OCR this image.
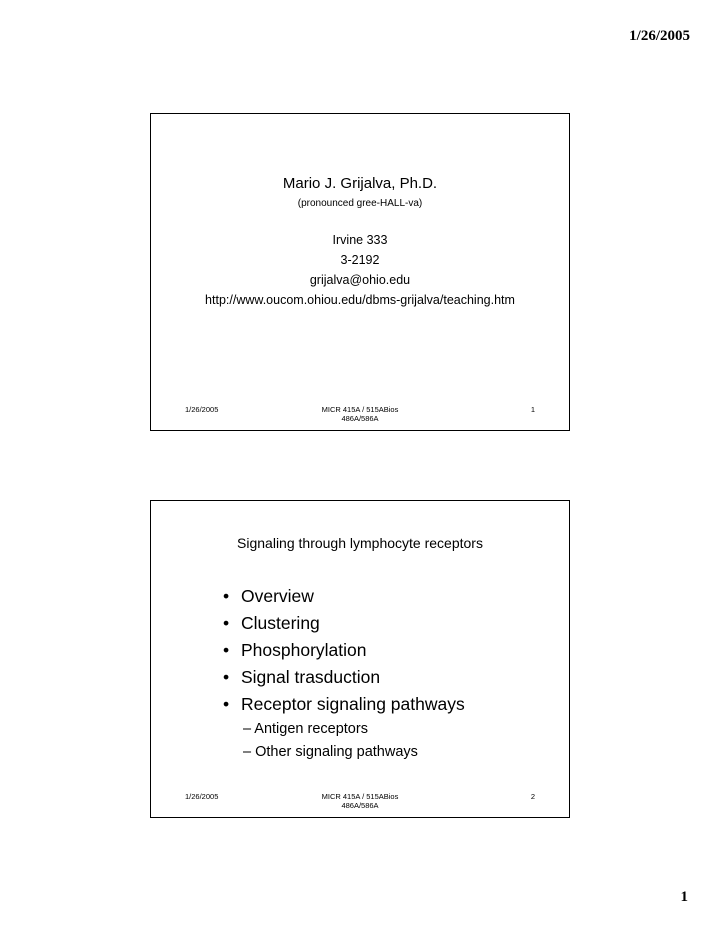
1/26/2005
Mario J. Grijalva, Ph.D.
(pronounced gree-HALL-va)
Irvine 333
3-2192
grijalva@ohio.edu
http://www.oucom.ohiou.edu/dbms-grijalva/teaching.htm
1/26/2005	MICR 415A / 515ABios
486A/586A
1
Signaling through lymphocyte receptors
• Overview
• Clustering
• Phosphorylation
• Signal trasduction
• Receptor signaling pathways
– Antigen receptors
– Other signaling pathways
1/26/2005	MICR 415A / 515ABios
486A/586A
2
1
